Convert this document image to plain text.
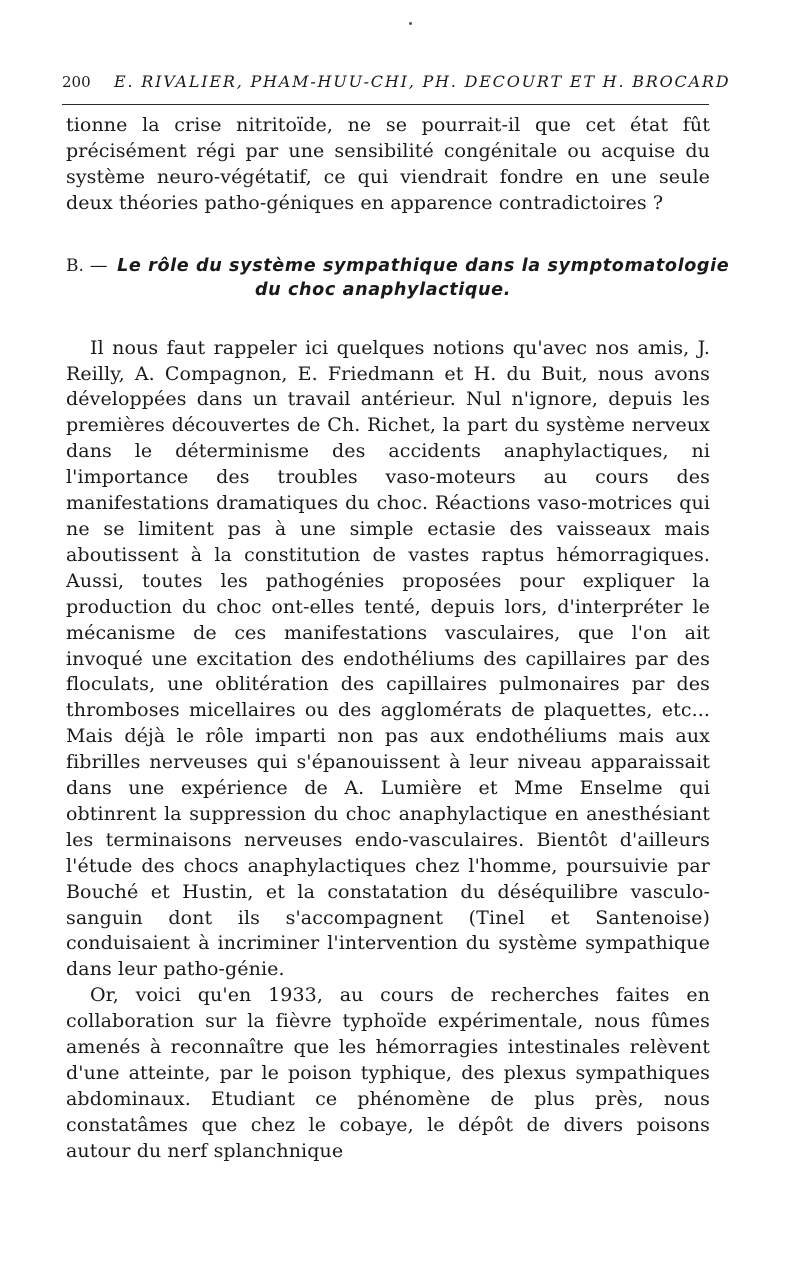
200 E. RIVALIER, PHAM-HUU-CHI, PH. DECOURT ET H. BROCARD

tionne la crise nitritoïde, ne se pourrait-il que cet état fût précisément régi par une sensibilité congénitale ou acquise du système neuro-végétatif, ce qui viendrait fondre en une seule deux théories patho-géniques en apparence contradictoires ?

B. — Le rôle du système sympathique dans la symptomatologie
du choc anaphylactique.

Il nous faut rappeler ici quelques notions qu'avec nos amis, J. Reilly, A. Compagnon, E. Friedmann et H. du Buit, nous avons développées dans un travail antérieur. Nul n'ignore, depuis les premières découvertes de Ch. Richet, la part du système nerveux dans le déterminisme des accidents anaphylactiques, ni l'importance des troubles vaso-moteurs au cours des manifestations dramatiques du choc. Réactions vaso-motrices qui ne se limitent pas à une simple ectasie des vaisseaux mais aboutissent à la constitution de vastes raptus hémorragiques. Aussi, toutes les pathogénies proposées pour expliquer la production du choc ont-elles tenté, depuis lors, d'interpréter le mécanisme de ces manifestations vasculaires, que l'on ait invoqué une excitation des endothéliums des capillaires par des floculats, une oblitération des capillaires pulmonaires par des thromboses micellaires ou des agglomérats de plaquettes, etc... Mais déjà le rôle imparti non pas aux endothéliums mais aux fibrilles nerveuses qui s'épanouissent à leur niveau apparaissait dans une expérience de A. Lumière et Mme Enselme qui obtinrent la suppression du choc anaphylactique en anesthésiant les terminaisons nerveuses endo-vasculaires. Bientôt d'ailleurs l'étude des chocs anaphylactiques chez l'homme, poursuivie par Bouché et Hustin, et la constatation du déséquilibre vasculo-sanguin dont ils s'accompagnent (Tinel et Santenoise) conduisaient à incriminer l'intervention du système sympathique dans leur patho-génie.

Or, voici qu'en 1933, au cours de recherches faites en collaboration sur la fièvre typhoïde expérimentale, nous fûmes amenés à reconnaître que les hémorragies intestinales relèvent d'une atteinte, par le poison typhique, des plexus sympathiques abdominaux. Etudiant ce phénomène de plus près, nous constatâmes que chez le cobaye, le dépôt de divers poisons autour du nerf splanchnique
